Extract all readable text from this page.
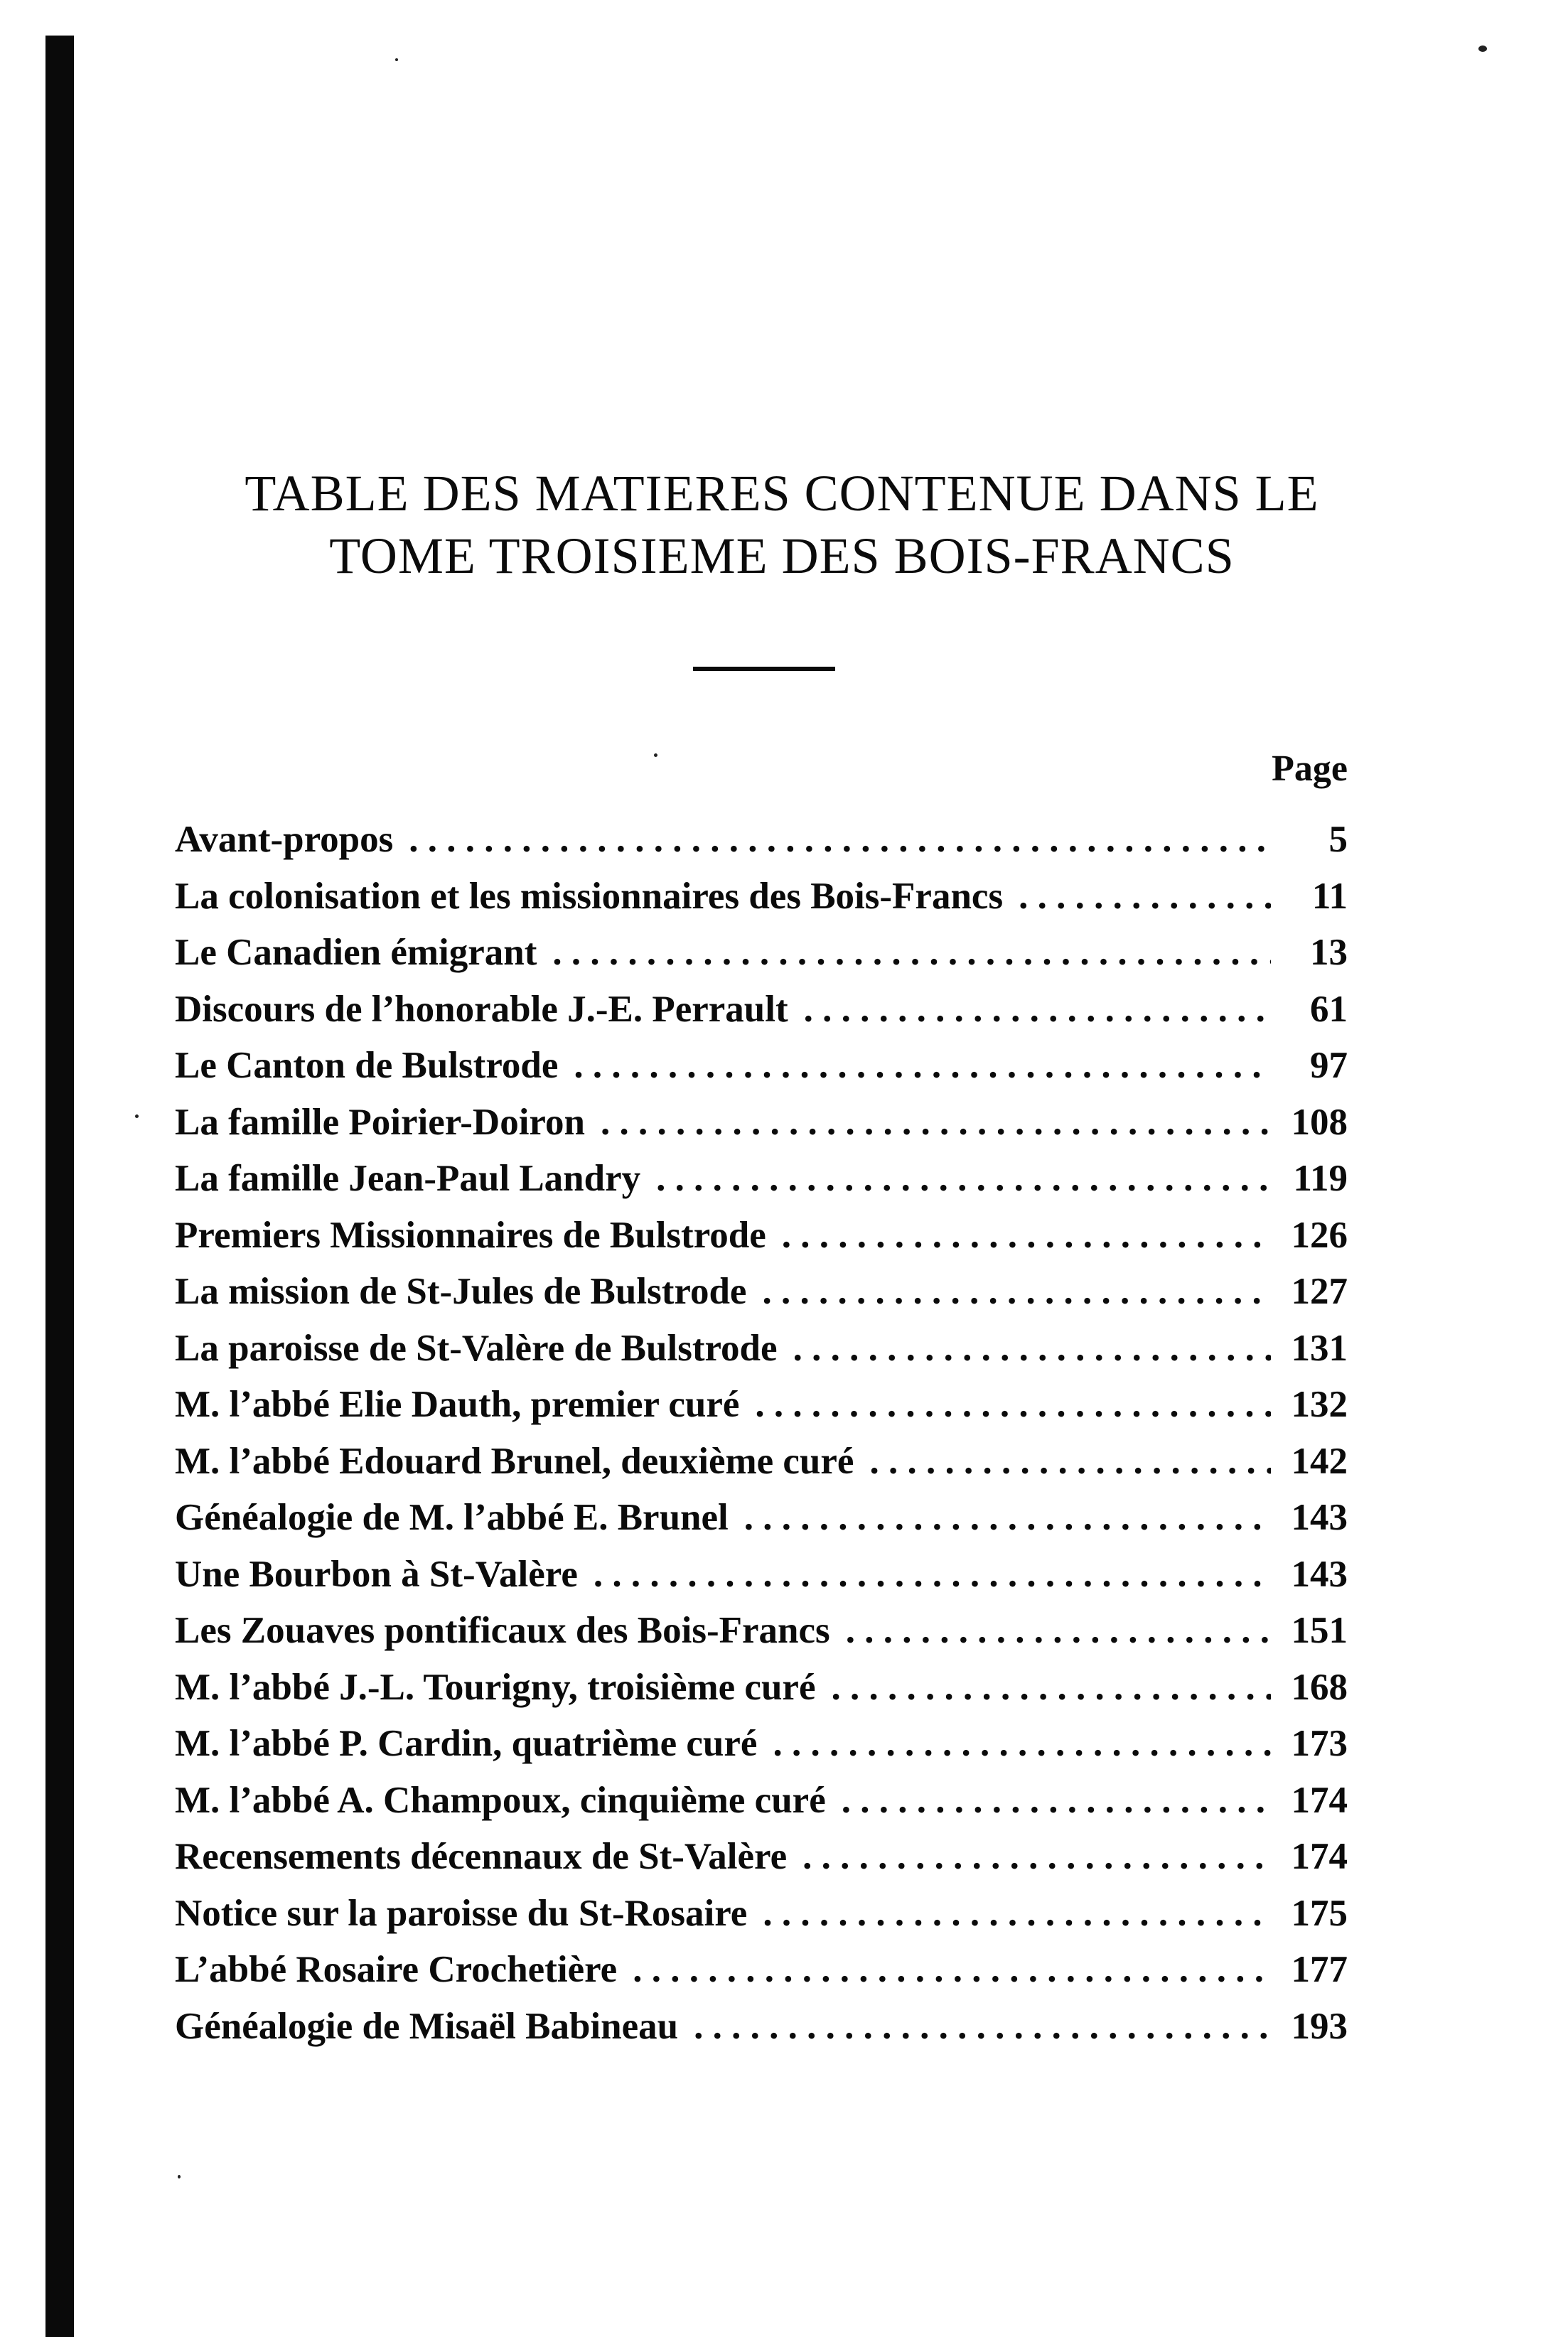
TABLE DES MATIERES CONTENUE DANS LE
TOME TROISIEME DES BOIS-FRANCS
Page
Avant-propos . . .	5
La colonisation et les missionnaires des Bois-Francs . . .	11
Le Canadien émigrant . . .	13
Discours de l’honorable J.-E. Perrault . . .	61
Le Canton de Bulstrode . . .	97
La famille Poirier-Doiron . . .	108
La famille Jean-Paul Landry . . .	119
Premiers Missionnaires de Bulstrode . . .	126
La mission de St-Jules de Bulstrode . . .	127
La paroisse de St-Valère de Bulstrode . . .	131
M. l’abbé Elie Dauth, premier curé . . .	132
M. l’abbé Edouard Brunel, deuxième curé . . .	142
Généalogie de M. l’abbé E. Brunel . . .	143
Une Bourbon à St-Valère . . .	143
Les Zouaves pontificaux des Bois-Francs . . .	151
M. l’abbé J.-L. Tourigny, troisième curé . . .	168
M. l’abbé P. Cardin, quatrième curé . . .	173
M. l’abbé A. Champoux, cinquième curé . . .	174
Recensements décennaux de St-Valère . . .	174
Notice sur la paroisse du St-Rosaire . . .	175
L’abbé Rosaire Crochetière . . .	177
Généalogie de Misaël Babineau . . .	193
